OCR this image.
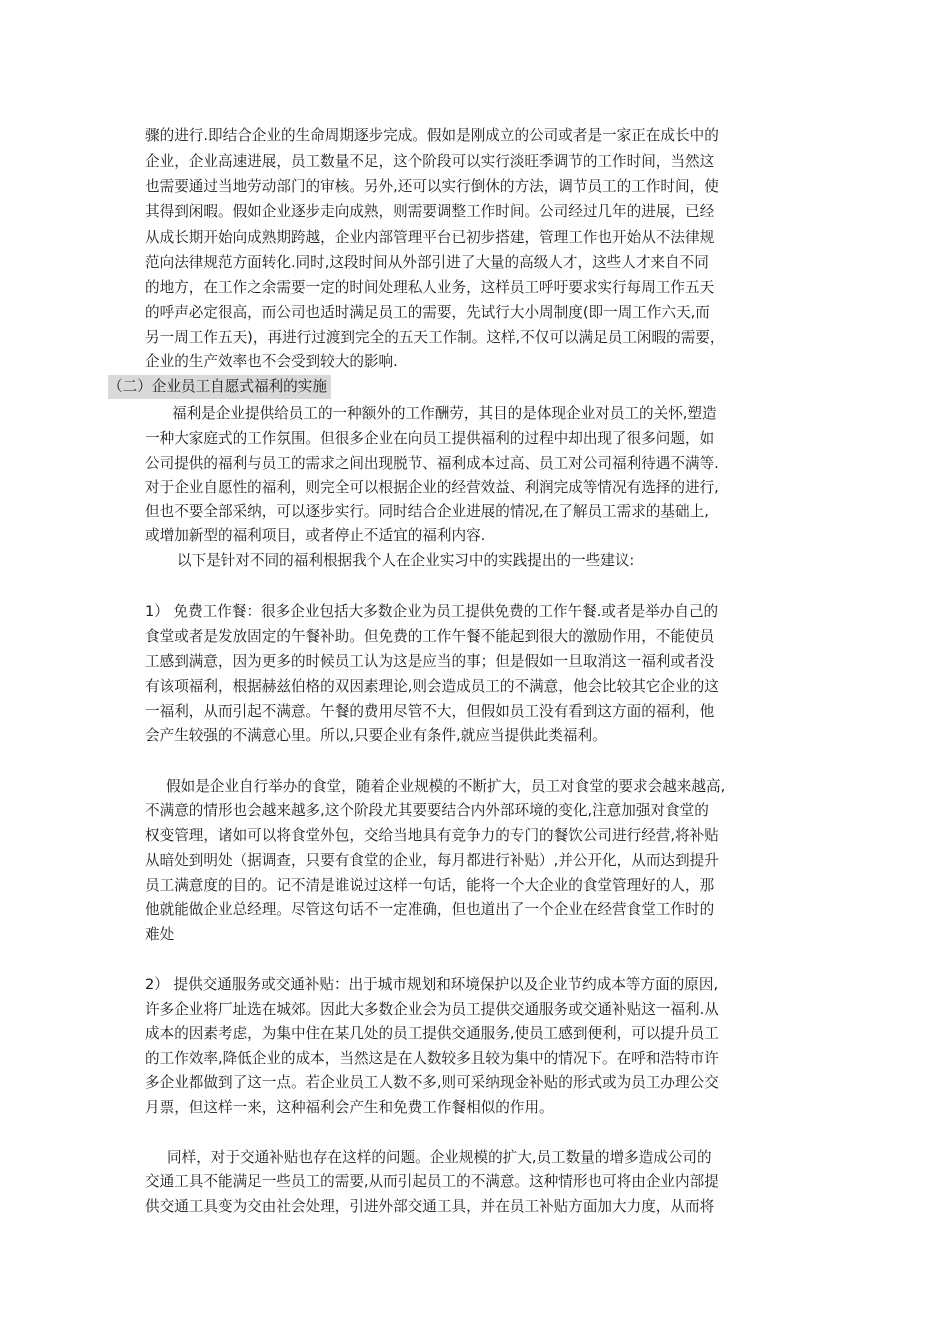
骤的进行.即结合企业的生命周期逐步完成。假如是刚成立的公司或者是一家正在成长中的
企业，企业高速进展，员工数量不足，这个阶段可以实行淡旺季调节的工作时间，当然这
也需要通过当地劳动部门的审核。另外,还可以实行倒休的方法，调节员工的工作时间，使
其得到闲暇。假如企业逐步走向成熟，则需要调整工作时间。公司经过几年的进展，已经
从成长期开始向成熟期跨越，企业内部管理平台已初步搭建，管理工作也开始从不法律规
范向法律规范方面转化.同时,这段时间从外部引进了大量的高级人才，这些人才来自不同
的地方，在工作之余需要一定的时间处理私人业务，这样员工呼吁要求实行每周工作五天
的呼声必定很高，而公司也适时满足员工的需要，先试行大小周制度(即一周工作六天,而
另一周工作五天)，再进行过渡到完全的五天工作制。这样,不仅可以满足员工闲暇的需要，
企业的生产效率也不会受到较大的影响.
（二）企业员工自愿式福利的实施
福利是企业提供给员工的一种额外的工作酬劳，其目的是体现企业对员工的关怀,塑造
一种大家庭式的工作氛围。但很多企业在向员工提供福利的过程中却出现了很多问题，如
公司提供的福利与员工的需求之间出现脱节、福利成本过高、员工对公司福利待遇不满等.
对于企业自愿性的福利，则完全可以根据企业的经营效益、利润完成等情况有选择的进行,
但也不要全部采纳，可以逐步实行。同时结合企业进展的情况,在了解员工需求的基础上,
或增加新型的福利项目，或者停止不适宜的福利内容.
以下是针对不同的福利根据我个人在企业实习中的实践提出的一些建议:
1） 免费工作餐：很多企业包括大多数企业为员工提供免费的工作午餐.或者是举办自己的
食堂或者是发放固定的午餐补助。但免费的工作午餐不能起到很大的激励作用，不能使员
工感到满意，因为更多的时候员工认为这是应当的事；但是假如一旦取消这一福利或者没
有该项福利，根据赫兹伯格的双因素理论,则会造成员工的不满意，他会比较其它企业的这
一福利，从而引起不满意。午餐的费用尽管不大，但假如员工没有看到这方面的福利，他
会产生较强的不满意心里。所以,只要企业有条件,就应当提供此类福利。
假如是企业自行举办的食堂，随着企业规模的不断扩大，员工对食堂的要求会越来越高,
不满意的情形也会越来越多,这个阶段尤其要要结合内外部环境的变化,注意加强对食堂的
权变管理，诸如可以将食堂外包，交给当地具有竞争力的专门的餐饮公司进行经营,将补贴
从暗处到明处（据调查，只要有食堂的企业，每月都进行补贴）,并公开化，从而达到提升
员工满意度的目的。记不清是谁说过这样一句话，能将一个大企业的食堂管理好的人，那
他就能做企业总经理。尽管这句话不一定准确，但也道出了一个企业在经营食堂工作时的
难处
2） 提供交通服务或交通补贴：出于城市规划和环境保护以及企业节约成本等方面的原因,
许多企业将厂址选在城郊。因此大多数企业会为员工提供交通服务或交通补贴这一福利.从
成本的因素考虑，为集中住在某几处的员工提供交通服务,使员工感到便利，可以提升员工
的工作效率,降低企业的成本，当然这是在人数较多且较为集中的情况下。在呼和浩特市许
多企业都做到了这一点。若企业员工人数不多,则可采纳现金补贴的形式或为员工办理公交
月票，但这样一来，这种福利会产生和免费工作餐相似的作用。
同样，对于交通补贴也存在这样的问题。企业规模的扩大,员工数量的增多造成公司的
交通工具不能满足一些员工的需要,从而引起员工的不满意。这种情形也可将由企业内部提
供交通工具变为交由社会处理，引进外部交通工具，并在员工补贴方面加大力度，从而将
